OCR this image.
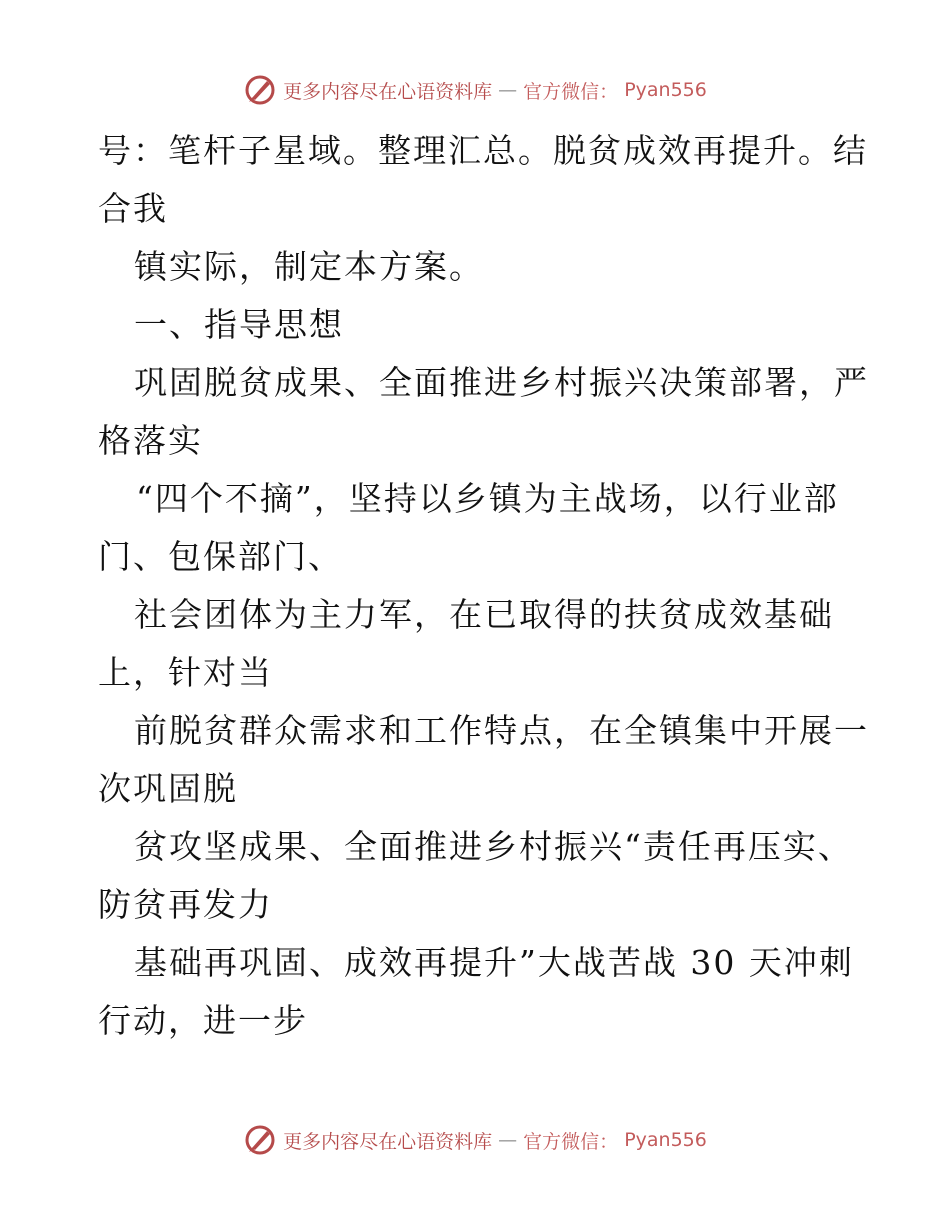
更多内容尽在心语资料库 — 官方微信： Pyan556
号：笔杆子星域。整理汇总。脱贫成效再提升。结
合我
镇实际，制定本方案。
一、指导思想
巩固脱贫成果、全面推进乡村振兴决策部署，严
格落实
“四个不摘”，坚持以乡镇为主战场，以行业部
门、包保部门、
社会团体为主力军，在已取得的扶贫成效基础
上，针对当
前脱贫群众需求和工作特点，在全镇集中开展一
次巩固脱
贫攻坚成果、全面推进乡村振兴“责任再压实、
防贫再发力
基础再巩固、成效再提升”大战苦战 30 天冲刺
行动，进一步
更多内容尽在心语资料库 — 官方微信： Pyan556
